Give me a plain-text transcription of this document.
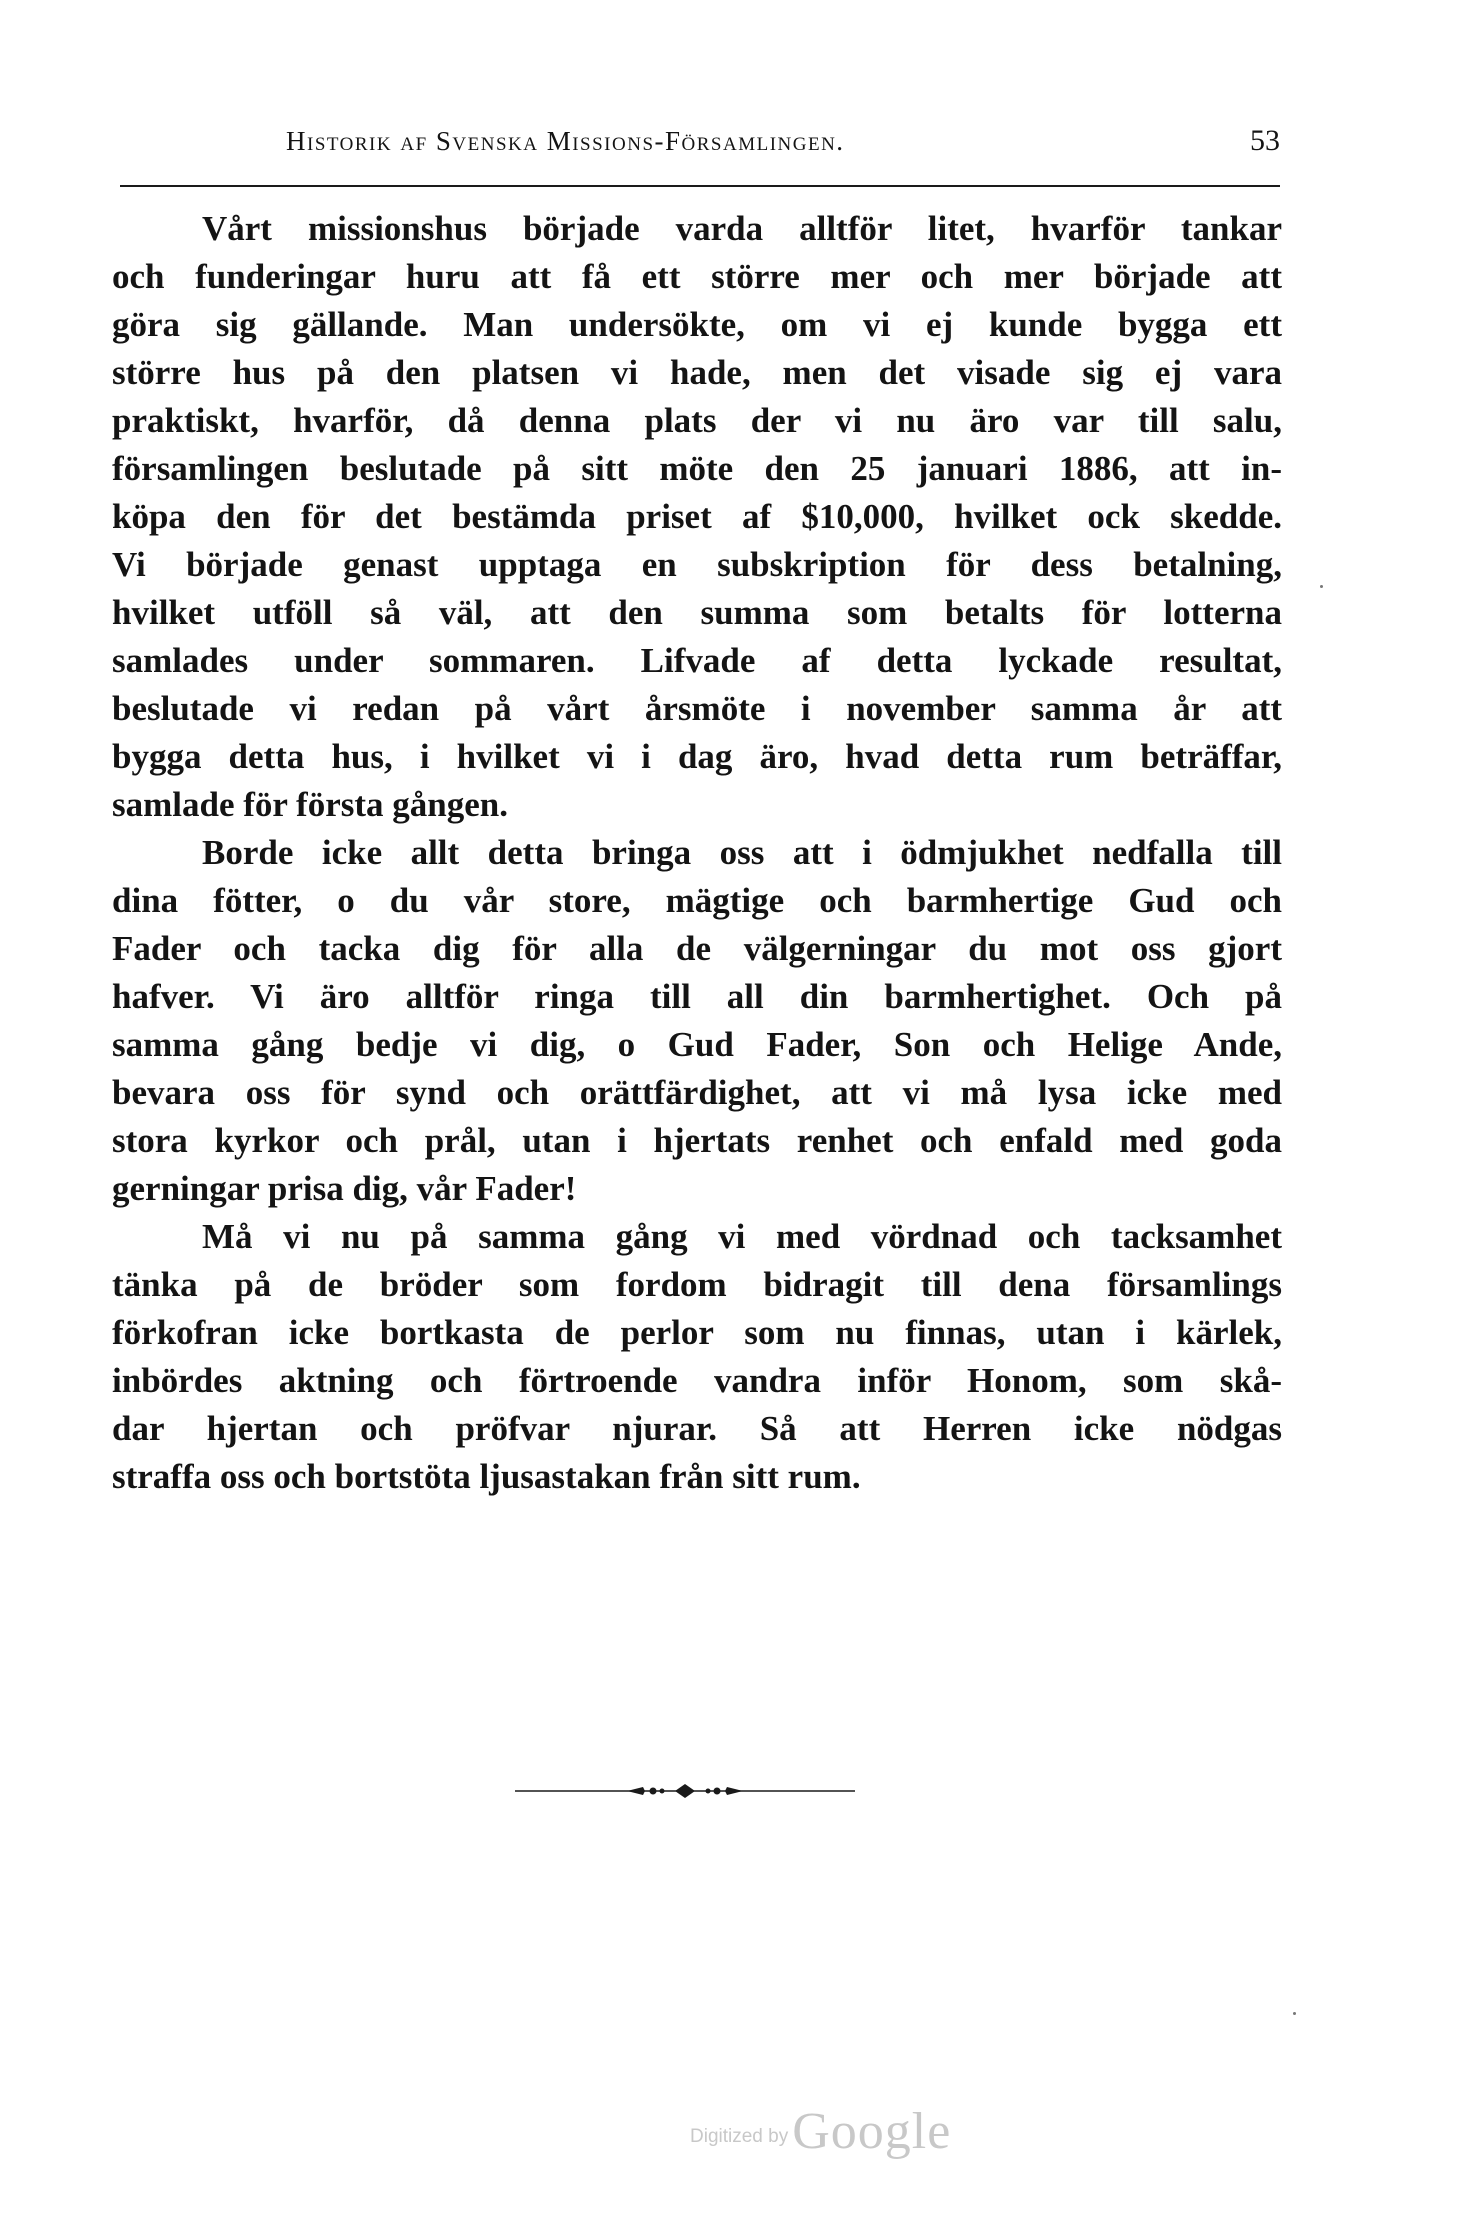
Historik af Svenska Missions-Församlingen.	53

Vårt missionshus började varda alltför litet, hvarför tankar
och funderingar huru att få ett större mer och mer började att
göra sig gällande. Man undersökte, om vi ej kunde bygga ett
större hus på den platsen vi hade, men det visade sig ej vara
praktiskt, hvarför, då denna plats der vi nu äro var till salu,
församlingen beslutade på sitt möte den 25 januari 1886, att in-
köpa den för det bestämda priset af $10,000, hvilket ock skedde.
Vi började genast upptaga en subskription för dess betalning,
hvilket utföll så väl, att den summa som betalts för lotterna
samlades under sommaren. Lifvade af detta lyckade resultat,
beslutade vi redan på vårt årsmöte i november samma år att
bygga detta hus, i hvilket vi i dag äro, hvad detta rum beträffar,
samlade för första gången.

Borde icke allt detta bringa oss att i ödmjukhet nedfalla till
dina fötter, o du vår store, mägtige och barmhertige Gud och
Fader och tacka dig för alla de välgerningar du mot oss gjort
hafver. Vi äro alltför ringa till all din barmhertighet. Och på
samma gång bedje vi dig, o Gud Fader, Son och Helige Ande,
bevara oss för synd och orättfärdighet, att vi må lysa icke med
stora kyrkor och prål, utan i hjertats renhet och enfald med goda
gerningar prisa dig, vår Fader!

Må vi nu på samma gång vi med vördnad och tacksamhet
tänka på de bröder som fordom bidragit till dena församlings
förkofran icke bortkasta de perlor som nu finnas, utan i kärlek,
inbördes aktning och förtroende vandra inför Honom, som skå-
dar hjertan och pröfvar njurar. Så att Herren icke nödgas
straffa oss och bortstöta ljusastakan från sitt rum.

Digitized by Google
